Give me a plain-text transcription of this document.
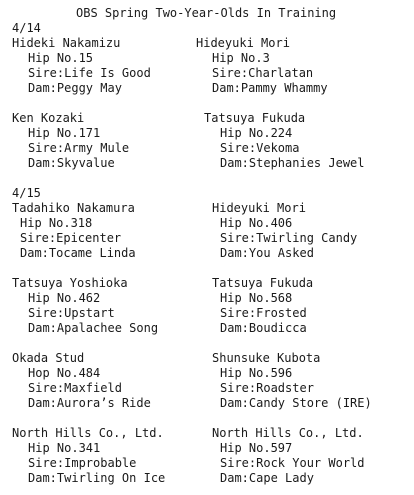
OBS Spring Two-Year-Olds In Training
4/14
Hideki Nakamizu
Hip No.15
Sire:Life Is Good
Dam:Peggy May
Hideyuki Mori
Hip No.3
Sire:Charlatan
Dam:Pammy Whammy
Ken Kozaki
Hip No.171
Sire:Army Mule
Dam:Skyvalue
Tatsuya Fukuda
Hip No.224
Sire:Vekoma
Dam:Stephanies Jewel
4/15
Tadahiko Nakamura
Hip No.318
Sire:Epicenter
Dam:Tocame Linda
Hideyuki Mori
Hip No.406
Sire:Twirling Candy
Dam:You Asked
Tatsuya Yoshioka
Hip No.462
Sire:Upstart
Dam:Apalachee Song
Tatsuya Fukuda
Hip No.568
Sire:Frosted
Dam:Boudicca
Okada Stud
Hop No.484
Sire:Maxfield
Dam:Aurora’s Ride
Shunsuke Kubota
Hip No.596
Sire:Roadster
Dam:Candy Store (IRE)
North Hills Co., Ltd.
Hip No.341
Sire:Improbable
Dam:Twirling On Ice
North Hills Co., Ltd.
Hip No.597
Sire:Rock Your World
Dam:Cape Lady
